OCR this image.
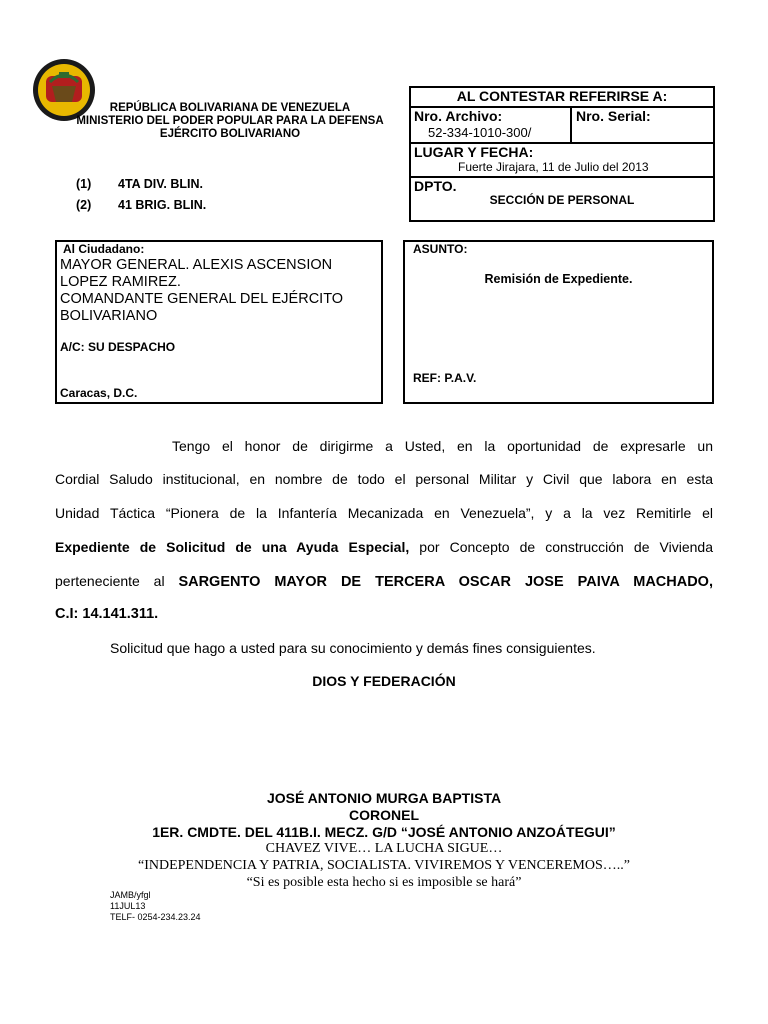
REPÚBLICA BOLIVARIANA DE VENEZUELA
MINISTERIO DEL PODER POPULAR PARA LA DEFENSA
EJÉRCITO BOLIVARIANO
(1) 4TA DIV. BLIN.
(2) 41 BRIG. BLIN.
AL CONTESTAR REFERIRSE A:
Nro. Archivo:
52-334-1010-300/
Nro. Serial:
LUGAR Y FECHA:
Fuerte Jirajara, 11 de Julio del 2013
DPTO.
SECCIÓN DE PERSONAL
Al Ciudadano:
MAYOR GENERAL. ALEXIS ASCENSION
LOPEZ RAMIREZ.
COMANDANTE GENERAL DEL EJÉRCITO
BOLIVARIANO
A/C: SU DESPACHO
Caracas, D.C.
ASUNTO:
Remisión de Expediente.
REF: P.A.V.
Tengo el honor de dirigirme a Usted, en la oportunidad de expresarle un
Cordial Saludo institucional, en nombre de todo el personal Militar y Civil que labora en esta
Unidad Táctica “Pionera de la Infantería Mecanizada en Venezuela”, y a la vez Remitirle el
Expediente de Solicitud de una Ayuda Especial, por Concepto de construcción de Vivienda
perteneciente al SARGENTO MAYOR DE TERCERA OSCAR JOSE PAIVA MACHADO,
C.I: 14.141.311.
Solicitud que hago a usted para su conocimiento y demás fines consiguientes.
DIOS Y FEDERACIÓN
JOSÉ ANTONIO MURGA BAPTISTA
CORONEL
1ER. CMDTE. DEL 411B.I. MECZ. G/D “JOSÉ ANTONIO ANZOÁTEGUI”
CHAVEZ VIVE… LA LUCHA SIGUE…
“INDEPENDENCIA Y PATRIA, SOCIALISTA. VIVIREMOS Y VENCEREMOS…..”
“Si es posible esta hecho si es imposible se hará”
JAMB/yfgl
11JUL13
TELF- 0254-234.23.24
